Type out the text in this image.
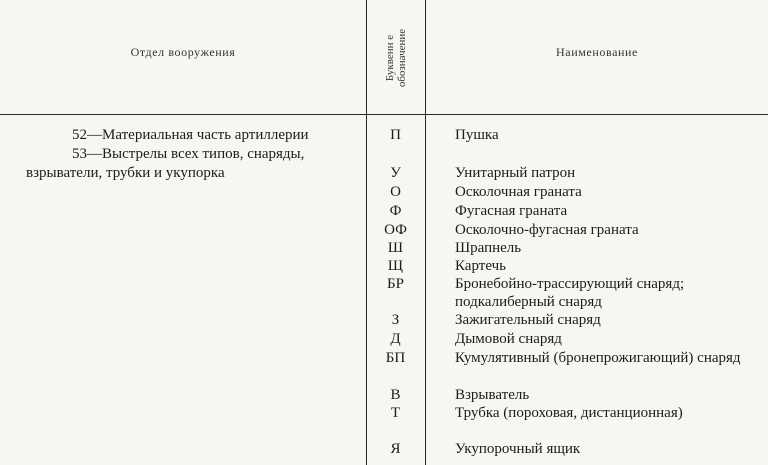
Отдел вооружения	Буквенн е обозначение	Наименование
52—Материальная часть артиллерии
53—Выстрелы всех типов, снаряды, взрыватели, трубки и укупорка
П
У
О
Ф
ОФ
Ш
Щ
БР
З
Д
БП
В
Т
Я
Пушка
Унитарный патрон
Осколочная граната
Фугасная граната
Осколочно-фугасная граната
Шрапнель
Картечь
Бронебойно-трассирующий снаряд; подкалиберный снаряд
Зажигательный снаряд
Дымовой снаряд
Кумулятивный (бронепрожигающий) снаряд
Взрыватель
Трубка (пороховая, дистанционная)
Укупорочный ящик
